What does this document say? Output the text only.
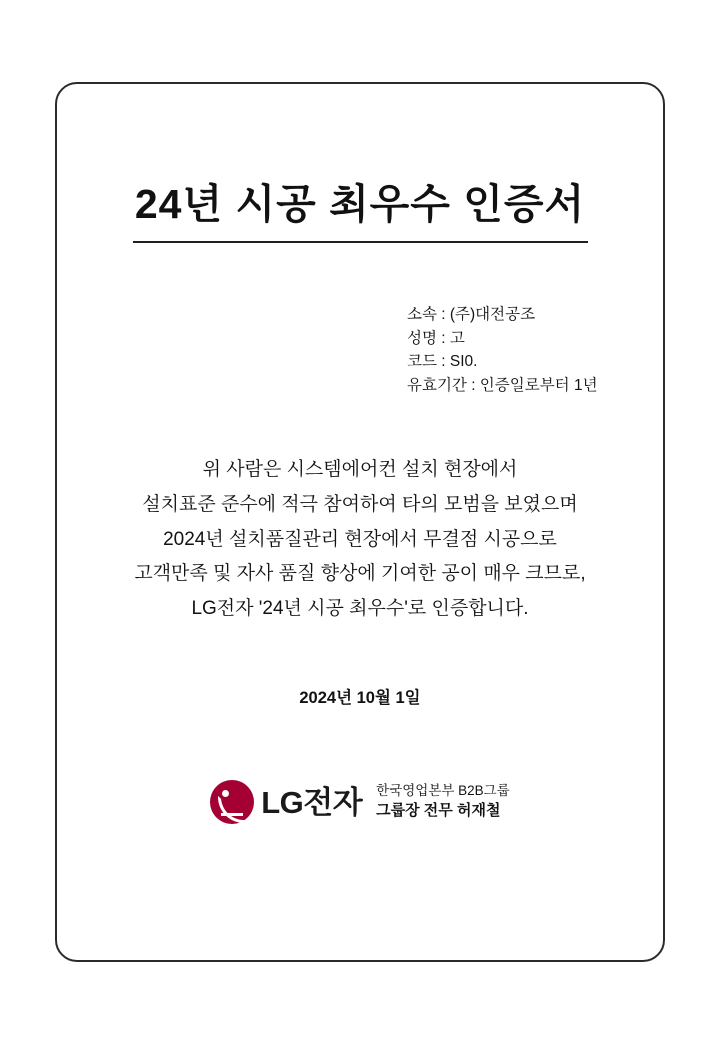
24년 시공 최우수 인증서
소속 : (주)대전공조
성명 : 고
코드 : SI0.
유효기간 : 인증일로부터 1년
위 사람은 시스템에어컨 설치 현장에서
설치표준 준수에 적극 참여하여 타의 모범을 보였으며
2024년 설치품질관리 현장에서 무결점 시공으로
고객만족 및 자사 품질 향상에 기여한 공이 매우 크므로,
LG전자 '24년 시공 최우수'로 인증합니다.
2024년 10월 1일
LG전자 한국영업본부 B2B그룹
그룹장 전무 허재철
